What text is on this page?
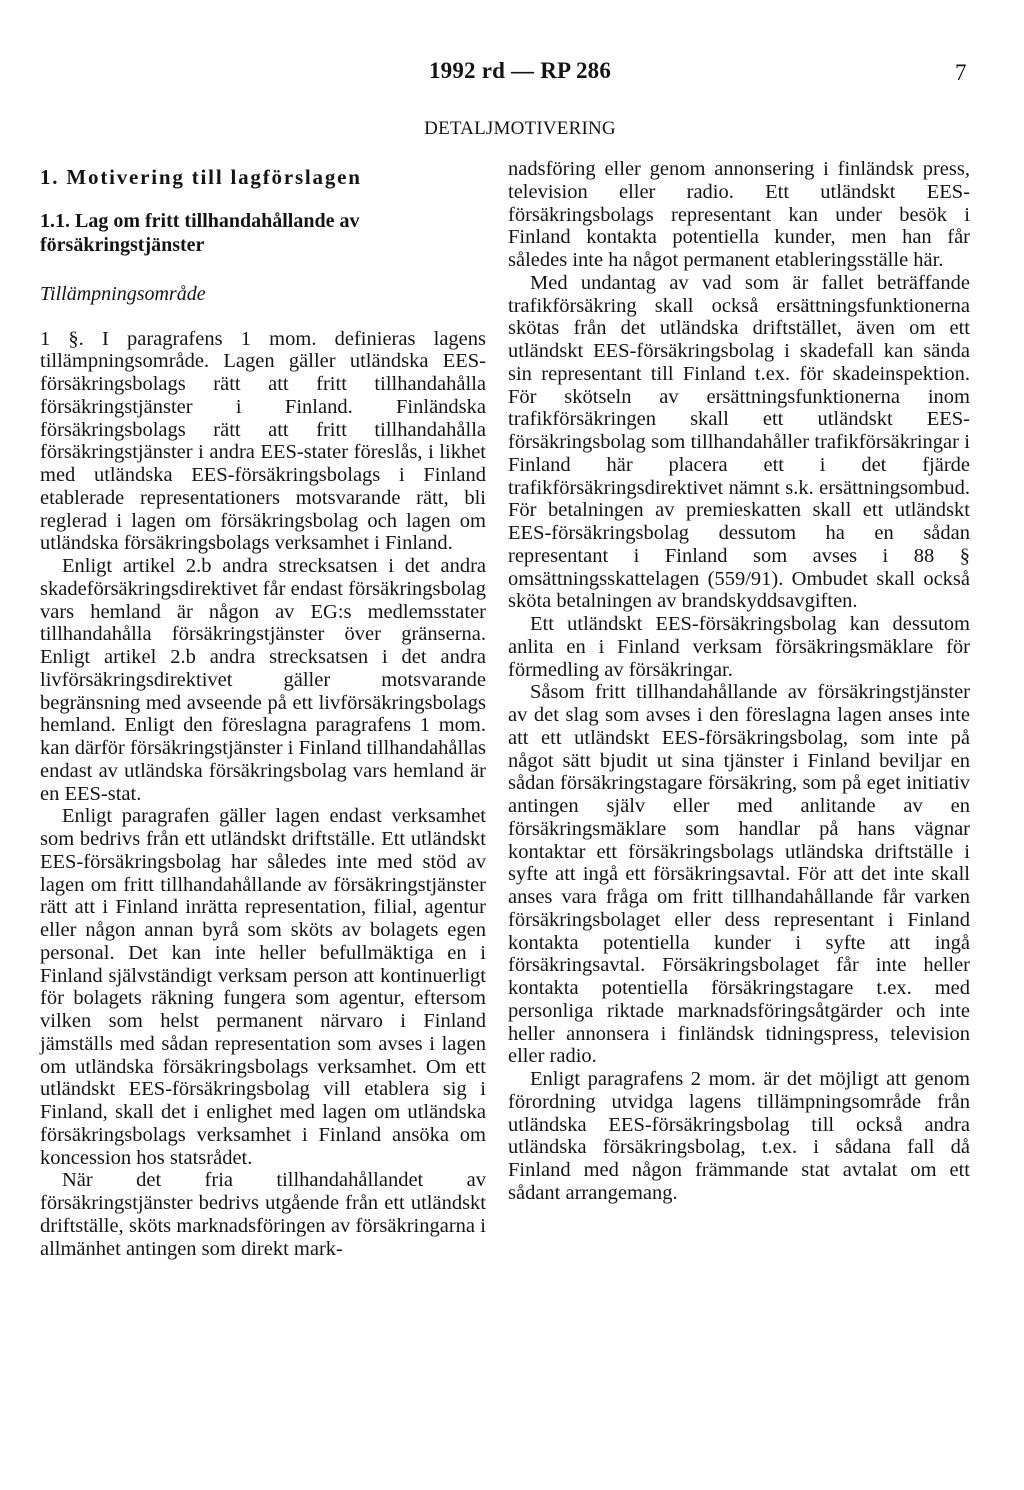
1992 rd — RP 286	7
DETALJMOTIVERING
1. Motivering till lagförslagen
1.1. Lag om fritt tillhandahållande av försäkringstjänster
Tillämpningsområde

1 §. I paragrafens 1 mom. definieras lagens tillämpningsområde. Lagen gäller utländska EES-försäkringsbolags rätt att fritt tillhandahålla försäkringstjänster i Finland. Finländska försäkringsbolags rätt att fritt tillhandahålla försäkringstjänster i andra EES-stater föreslås, i likhet med utländska EES-försäkringsbolags i Finland etablerade representationers motsvarande rätt, bli reglerad i lagen om försäkringsbolag och lagen om utländska försäkringsbolags verksamhet i Finland.

Enligt artikel 2.b andra strecksatsen i det andra skadeförsäkringsdirektivet får endast försäkringsbolag vars hemland är någon av EG:s medlemsstater tillhandahålla försäkringstjänster över gränserna. Enligt artikel 2.b andra strecksatsen i det andra livförsäkringsdirektivet gäller motsvarande begränsning med avseende på ett livförsäkringsbolags hemland. Enligt den föreslagna paragrafens 1 mom. kan därför försäkringstjänster i Finland tillhandahållas endast av utländska försäkringsbolag vars hemland är en EES-stat.

Enligt paragrafen gäller lagen endast verksamhet som bedrivs från ett utländskt driftställe. Ett utländskt EES-försäkringsbolag har således inte med stöd av lagen om fritt tillhandahållande av försäkringstjänster rätt att i Finland inrätta representation, filial, agentur eller någon annan byrå som sköts av bolagets egen personal. Det kan inte heller befullmäktiga en i Finland självständigt verksam person att kontinuerligt för bolagets räkning fungera som agentur, eftersom vilken som helst permanent närvaro i Finland jämställs med sådan representation som avses i lagen om utländska försäkringsbolags verksamhet. Om ett utländskt EES-försäkringsbolag vill etablera sig i Finland, skall det i enlighet med lagen om utländska försäkringsbolags verksamhet i Finland ansöka om koncession hos statsrådet.

När det fria tillhandahållandet av försäkringstjänster bedrivs utgående från ett utländskt driftställe, sköts marknadsföringen av försäkringarna i allmänhet antingen som direkt mark-

nadsföring eller genom annonsering i finländsk press, television eller radio. Ett utländskt EES-försäkringsbolags representant kan under besök i Finland kontakta potentiella kunder, men han får således inte ha något permanent etableringsställe här.

Med undantag av vad som är fallet beträffande trafikförsäkring skall också ersättningsfunktionerna skötas från det utländska driftstället, även om ett utländskt EES-försäkringsbolag i skadefall kan sända sin representant till Finland t.ex. för skadeinspektion. För skötseln av ersättningsfunktionerna inom trafikförsäkringen skall ett utländskt EES-försäkringsbolag som tillhandahåller trafikförsäkringar i Finland här placera ett i det fjärde trafikförsäkringsdirektivet nämnt s.k. ersättningsombud. För betalningen av premieskatten skall ett utländskt EES-försäkringsbolag dessutom ha en sådan representant i Finland som avses i 88 § omsättningsskattelagen (559/91). Ombudet skall också sköta betalningen av brandskyddsavgiften.

Ett utländskt EES-försäkringsbolag kan dessutom anlita en i Finland verksam försäkringsmäklare för förmedling av försäkringar.

Såsom fritt tillhandahållande av försäkringstjänster av det slag som avses i den föreslagna lagen anses inte att ett utländskt EES-försäkringsbolag, som inte på något sätt bjudit ut sina tjänster i Finland beviljar en sådan försäkringstagare försäkring, som på eget initiativ antingen själv eller med anlitande av en försäkringsmäklare som handlar på hans vägnar kontaktar ett försäkringsbolags utländska driftställe i syfte att ingå ett försäkringsavtal. För att det inte skall anses vara fråga om fritt tillhandahållande får varken försäkringsbolaget eller dess representant i Finland kontakta potentiella kunder i syfte att ingå försäkringsavtal. Försäkringsbolaget får inte heller kontakta potentiella försäkringstagare t.ex. med personliga riktade marknadsföringsåtgärder och inte heller annonsera i finländsk tidningspress, television eller radio.

Enligt paragrafens 2 mom. är det möjligt att genom förordning utvidga lagens tillämpningsområde från utländska EES-försäkringsbolag till också andra utländska försäkringsbolag, t.ex. i sådana fall då Finland med någon främmande stat avtalat om ett sådant arrangemang.
